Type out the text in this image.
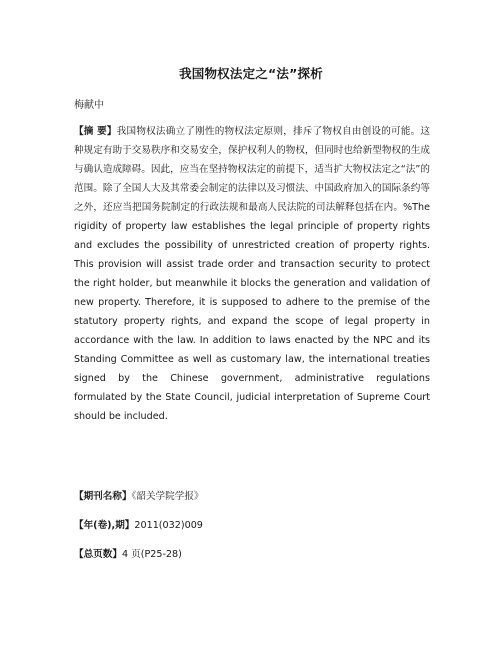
我国物权法定之“法”探析
梅献中
【摘 要】我国物权法确立了刚性的物权法定原则，排斥了物权自由创设的可能。这种规定有助于交易秩序和交易安全，保护权利人的物权，但同时也给新型物权的生成与确认造成障碍。因此，应当在坚持物权法定的前提下，适当扩大物权法定之“法”的范围。除了全国人大及其常委会制定的法律以及习惯法、中国政府加入的国际条约等之外，还应当把国务院制定的行政法规和最高人民法院的司法解释包括在内。%The rigidity of property law establishes the legal principle of property rights and excludes the possibility of unrestricted creation of property rights. This provision will assist trade order and transaction security to protect the right holder, but meanwhile it blocks the generation and validation of new property. Therefore, it is supposed to adhere to the premise of the statutory property rights, and expand the scope of legal property in accordance with the law. In addition to laws enacted by the NPC and its Standing Committee as well as customary law, the international treaties signed by the Chinese government, administrative regulations formulated by the State Council, judicial interpretation of Supreme Court should be included.
【期刊名称】《韶关学院学报》
【年(卷),期】2011(032)009
【总页数】4 页(P25-28)
